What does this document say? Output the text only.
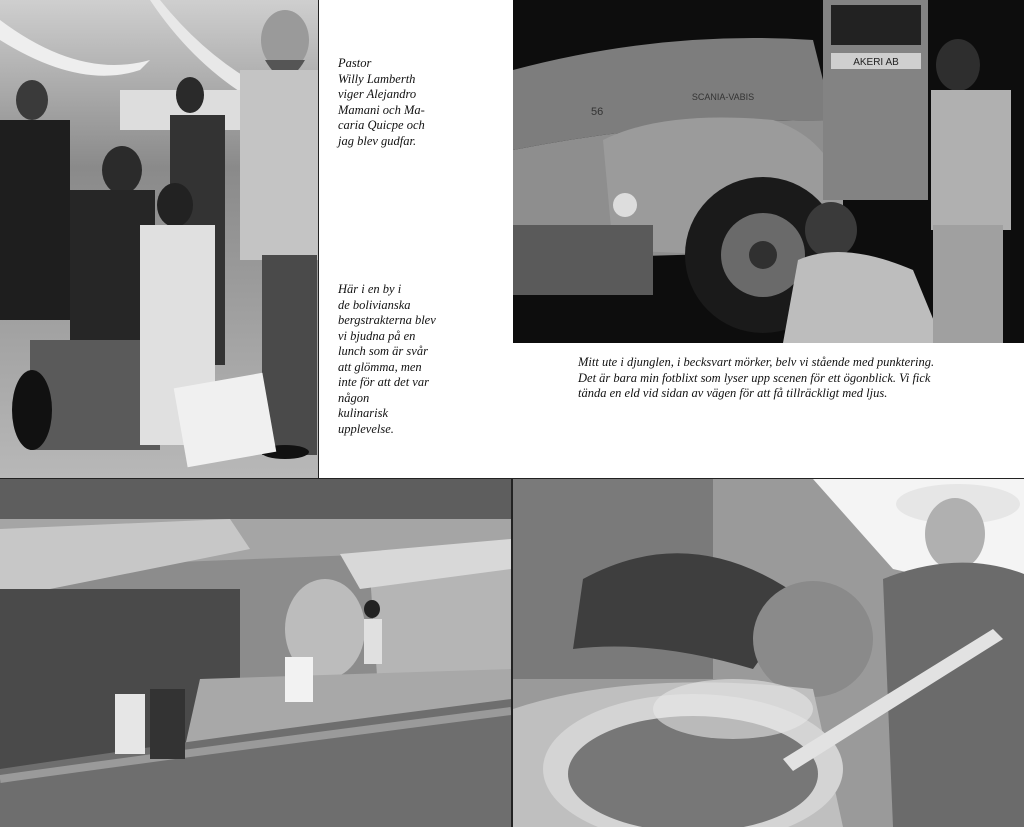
Pastor
Willy Lamberth
viger Alejandro
Mamani och Ma-
caria Quicpe och
jag blev gudfar.
Här i en by i
de bolivianska
bergstrakterna blev
vi bjudna på en
lunch som är svår
att glömma, men
inte för att det var
någon
kulinarisk
upplevelse.
AKERI AB
SCANIA-VABIS
56
Mitt ute i djunglen, i becksvart mörker, belv vi stående med punktering.
Det är bara min fotblixt som lyser upp scenen för ett ögonblick. Vi fick
tända en eld vid sidan av vägen för att få tillräckligt med ljus.
